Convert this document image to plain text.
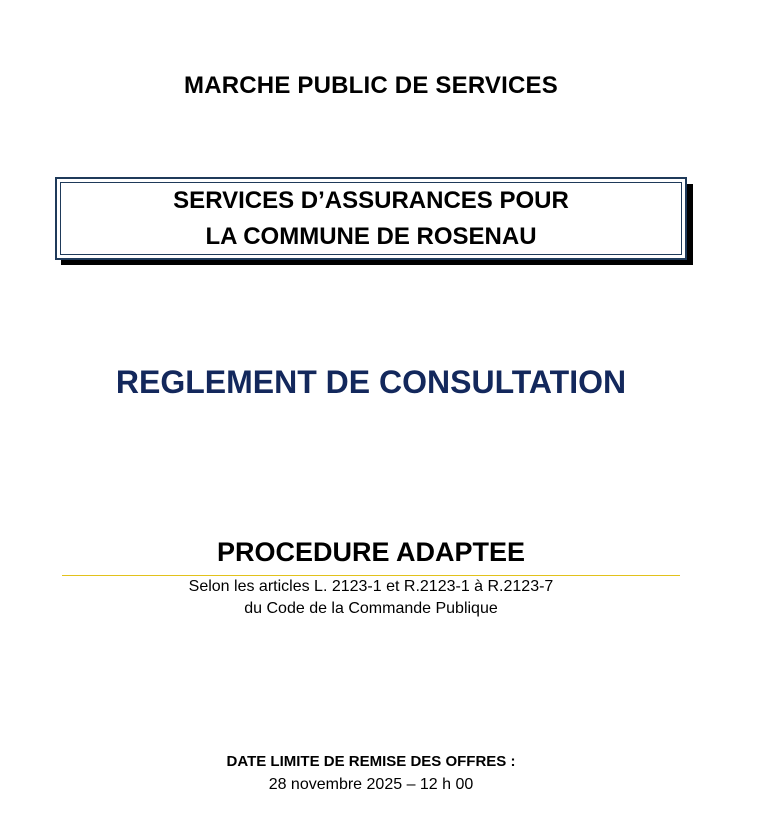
MARCHE PUBLIC DE SERVICES
SERVICES D’ASSURANCES POUR
LA COMMUNE DE ROSENAU
REGLEMENT DE CONSULTATION
PROCEDURE ADAPTEE
Selon les articles L. 2123-1 et R.2123-1 à R.2123-7
du Code de la Commande Publique
DATE LIMITE DE REMISE DES OFFRES :
28 novembre 2025 – 12 h 00
